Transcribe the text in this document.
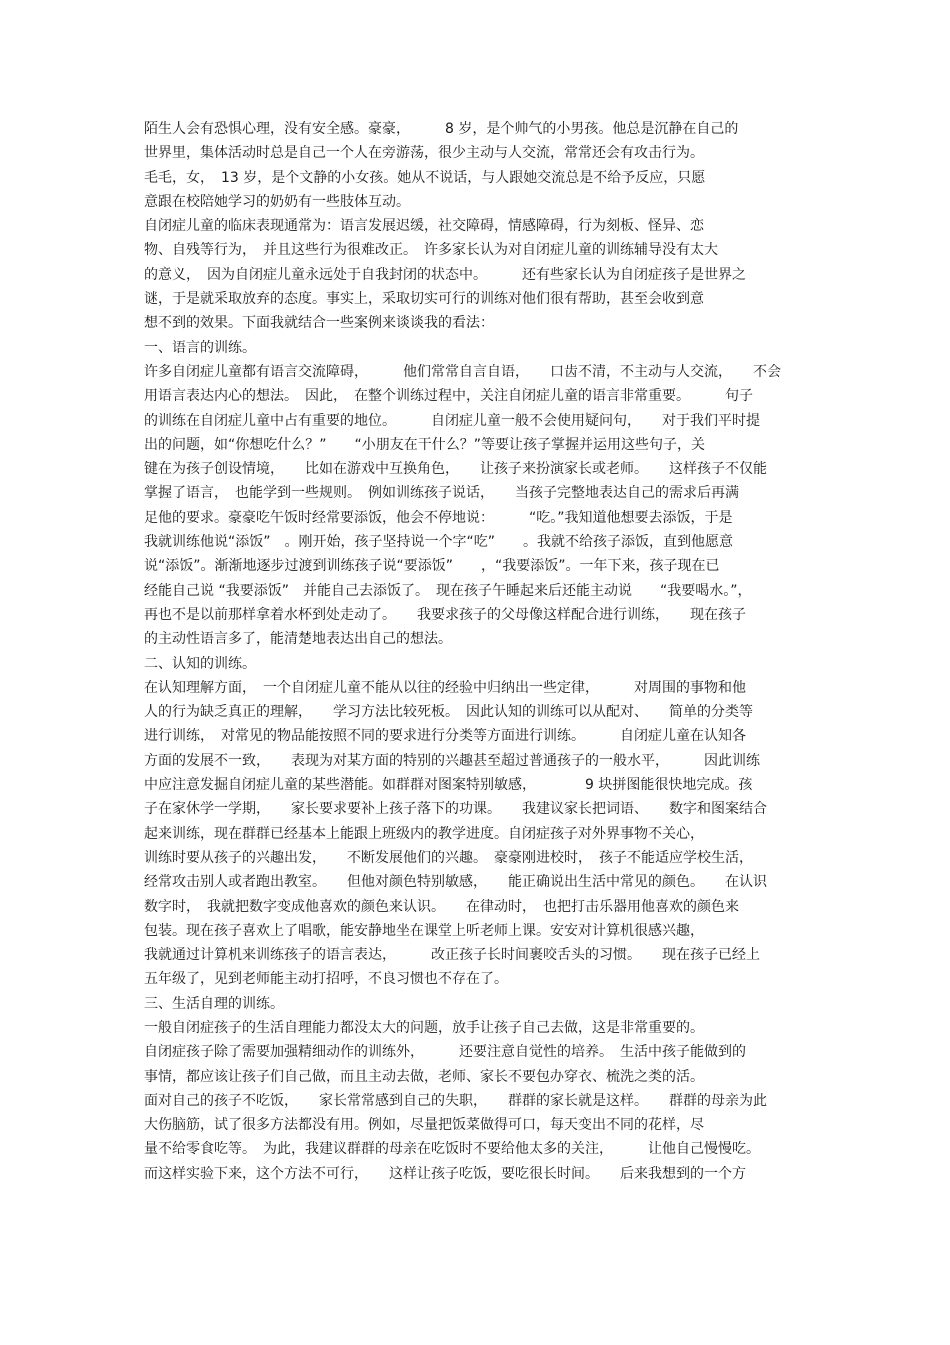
陌生人会有恐惧心理，没有安全感。豪豪，　　　8 岁，是个帅气的小男孩。他总是沉静在自己的
世界里，集体活动时总是自己一个人在旁游荡，很少主动与人交流，常常还会有攻击行为。
毛毛，女，　13 岁，是个文静的小女孩。她从不说话，与人跟她交流总是不给予反应，只愿
意跟在校陪她学习的奶奶有一些肢体互动。
自闭症儿童的临床表现通常为：语言发展迟缓，社交障碍，情感障碍，行为刻板、怪异、恋
物、自残等行为，　并且这些行为很难改正。　许多家长认为对自闭症儿童的训练辅导没有太大
的意义，　因为自闭症儿童永远处于自我封闭的状态中。　　　还有些家长认为自闭症孩子是世界之
谜，于是就采取放弃的态度。事实上，采取切实可行的训练对他们很有帮助，甚至会收到意
想不到的效果。下面我就结合一些案例来谈谈我的看法：
一、语言的训练。
许多自闭症儿童都有语言交流障碍，　　　他们常常自言自语，　　口齿不清，不主动与人交流，　　不会
用语言表达内心的想法。　因此，　在整个训练过程中，关注自闭症儿童的语言非常重要。　　　句子
的训练在自闭症儿童中占有重要的地位。　　　自闭症儿童一般不会使用疑问句，　　对于我们平时提
出的问题，如“你想吃什么？”　　“小朋友在干什么？”等要让孩子掌握并运用这些句子，关
键在为孩子创设情境，　　比如在游戏中互换角色，　　让孩子来扮演家长或老师。　　这样孩子不仅能
掌握了语言，　也能学到一些规则。　例如训练孩子说话，　　当孩子完整地表达自己的需求后再满
足他的要求。豪豪吃午饭时经常要添饭，他会不停地说：　　　“吃。”我知道他想要去添饭，于是
我就训练他说“添饭”　。刚开始，孩子坚持说一个字“吃”　　。我就不给孩子添饭，直到他愿意
说“添饭”。渐渐地逐步过渡到训练孩子说“要添饭”　　，“我要添饭”。一年下来，孩子现在已
经能自己说 “我要添饭”　并能自己去添饭了。　现在孩子午睡起来后还能主动说　　“我要喝水。”，
再也不是以前那样拿着水杯到处走动了。　　我要求孩子的父母像这样配合进行训练，　　现在孩子
的主动性语言多了，能清楚地表达出自己的想法。
二、认知的训练。
在认知理解方面，　一个自闭症儿童不能从以往的经验中归纳出一些定律，　　　对周围的事物和他
人的行为缺乏真正的理解，　　学习方法比较死板。　因此认知的训练可以从配对、　　简单的分类等
进行训练，　对常见的物品能按照不同的要求进行分类等方面进行训练。　　　自闭症儿童在认知各
方面的发展不一致，　　表现为对某方面的特别的兴趣甚至超过普通孩子的一般水平，　　　因此训练
中应注意发掘自闭症儿童的某些潜能。如群群对图案特别敏感，　　　　9 块拼图能很快地完成。孩
子在家休学一学期，　　家长要求要补上孩子落下的功课。　　我建议家长把词语、　　数字和图案结合
起来训练，现在群群已经基本上能跟上班级内的教学进度。自闭症孩子对外界事物不关心，
训练时要从孩子的兴趣出发，　　不断发展他们的兴趣。　豪豪刚进校时，　孩子不能适应学校生活，
经常攻击别人或者跑出教室。　　但他对颜色特别敏感，　　能正确说出生活中常见的颜色。　　在认识
数字时，　我就把数字变成他喜欢的颜色来认识。　　在律动时，　也把打击乐器用他喜欢的颜色来
包装。现在孩子喜欢上了唱歌，能安静地坐在课堂上听老师上课。安安对计算机很感兴趣，
我就通过计算机来训练孩子的语言表达，　　　改正孩子长时间裹咬舌头的习惯。　　现在孩子已经上
五年级了，见到老师能主动打招呼，不良习惯也不存在了。
三、生活自理的训练。
一般自闭症孩子的生活自理能力都没太大的问题，放手让孩子自己去做，这是非常重要的。
自闭症孩子除了需要加强精细动作的训练外，　　　还要注意自觉性的培养。　生活中孩子能做到的
事情，都应该让孩子们自己做，而且主动去做，老师、家长不要包办穿衣、梳洗之类的活。
面对自己的孩子不吃饭，　　家长常常感到自己的失职，　　群群的家长就是这样。　　群群的母亲为此
大伤脑筋，试了很多方法都没有用。例如，尽量把饭菜做得可口，每天变出不同的花样，尽
量不给零食吃等。　为此，我建议群群的母亲在吃饭时不要给他太多的关注，　　　让他自己慢慢吃。
而这样实验下来，这个方法不可行，　　这样让孩子吃饭，要吃很长时间。　　后来我想到的一个方
